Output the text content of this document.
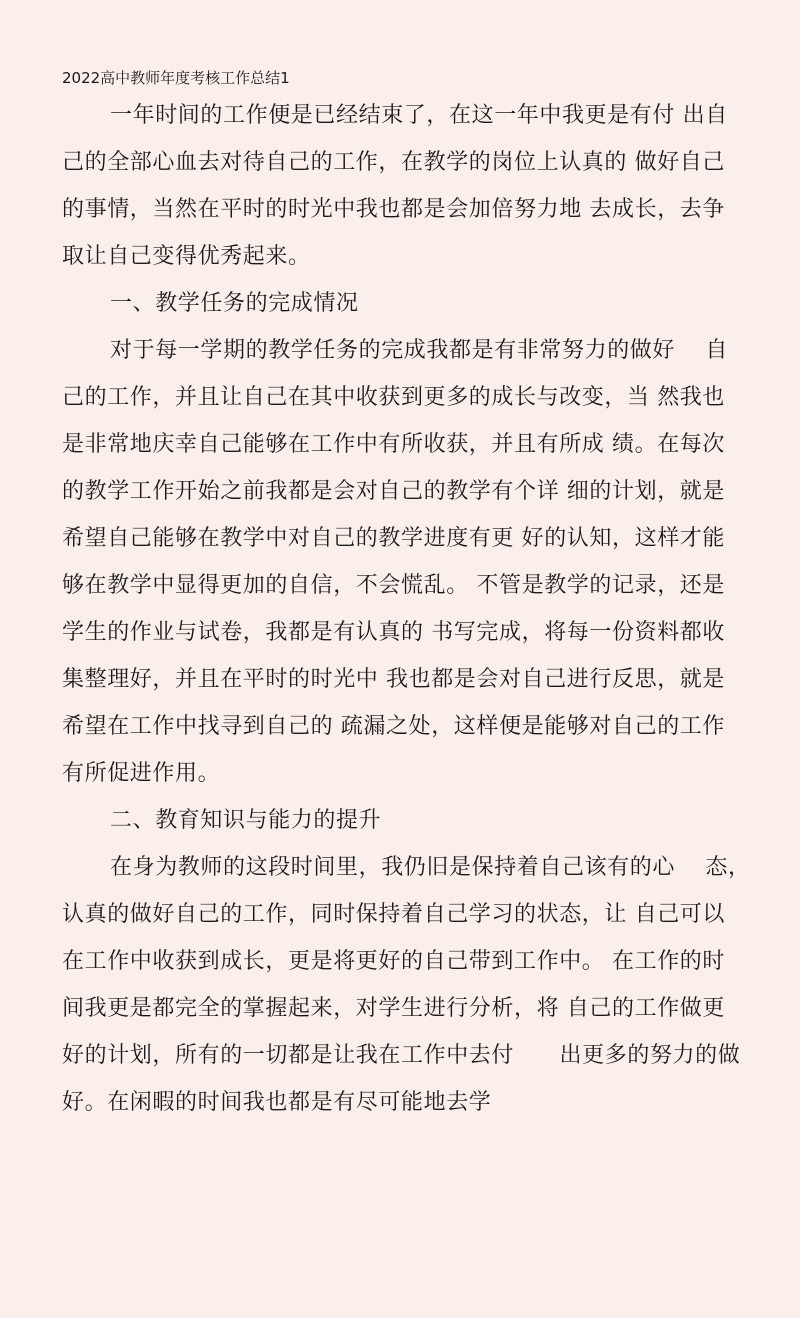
2022高中教师年度考核工作总结1
一年时间的工作便是已经结束了，在这一年中我更是有付 出自
己的全部心血去对待自己的工作，在教学的岗位上认真的 做好自己
的事情，当然在平时的时光中我也都是会加倍努力地 去成长，去争
取让自己变得优秀起来。
一、教学任务的完成情况
对于每一学期的教学任务的完成我都是有非常努力的做好    自
己的工作，并且让自己在其中收获到更多的成长与改变，当 然我也
是非常地庆幸自己能够在工作中有所收获，并且有所成 绩。在每次
的教学工作开始之前我都是会对自己的教学有个详 细的计划，就是
希望自己能够在教学中对自己的教学进度有更 好的认知，这样才能
够在教学中显得更加的自信，不会慌乱。 不管是教学的记录，还是
学生的作业与试卷，我都是有认真的 书写完成，将每一份资料都收
集整理好，并且在平时的时光中 我也都是会对自己进行反思，就是
希望在工作中找寻到自己的 疏漏之处，这样便是能够对自己的工作
有所促进作用。
二、教育知识与能力的提升
在身为教师的这段时间里，我仍旧是保持着自己该有的心    态，
认真的做好自己的工作，同时保持着自己学习的状态，让 自己可以
在工作中收获到成长，更是将更好的自己带到工作中。 在工作的时
间我更是都完全的掌握起来，对学生进行分析，将 自己的工作做更
好的计划，所有的一切都是让我在工作中去付      出更多的努力的做
好。在闲暇的时间我也都是有尽可能地去学
